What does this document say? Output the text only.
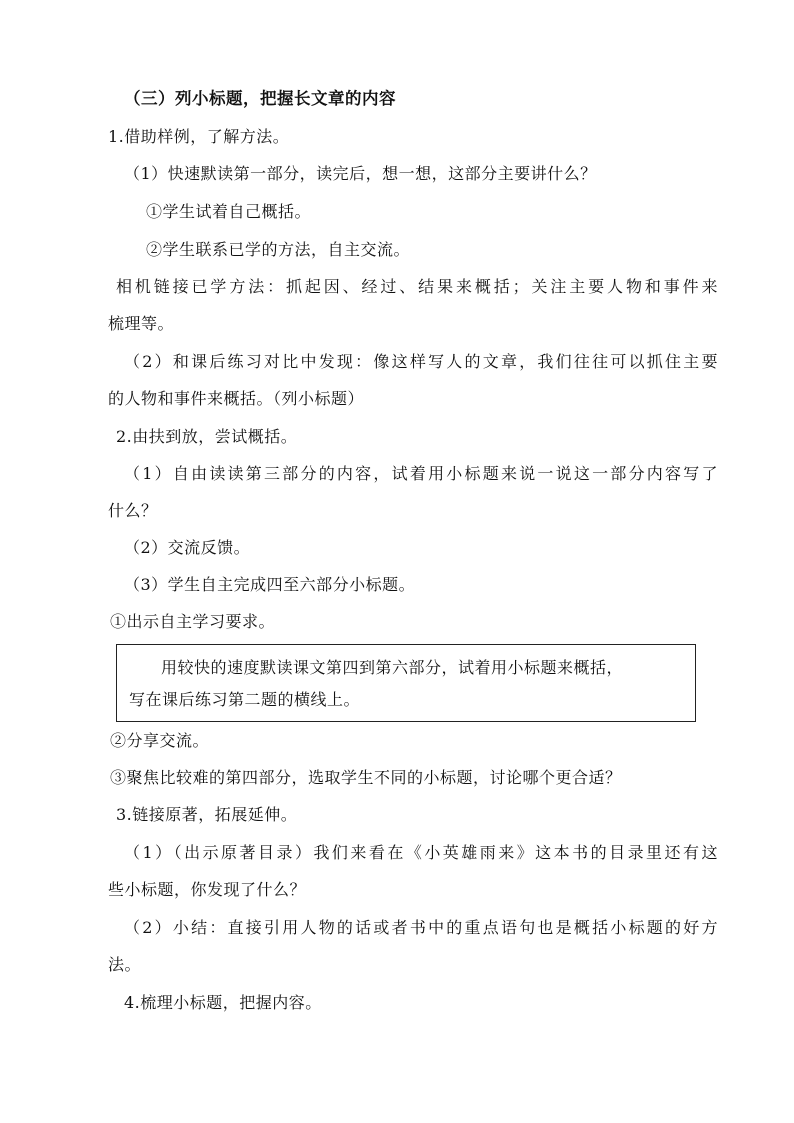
（三）列小标题，把握长文章的内容
1.借助样例，了解方法。
（1）快速默读第一部分，读完后，想一想，这部分主要讲什么？
①学生试着自己概括。
②学生联系已学的方法，自主交流。
相机链接已学方法：抓起因、经过、结果来概括；关注主要人物和事件来
梳理等。
（2）和课后练习对比中发现：像这样写人的文章，我们往往可以抓住主要
的人物和事件来概括。（列小标题）
2.由扶到放，尝试概括。
（1）自由读读第三部分的内容，试着用小标题来说一说这一部分内容写了
什么？
（2）交流反馈。
（3）学生自主完成四至六部分小标题。
①出示自主学习要求。
用较快的速度默读课文第四到第六部分，试着用小标题来概括，
写在课后练习第二题的横线上。
②分享交流。
③聚焦比较难的第四部分，选取学生不同的小标题，讨论哪个更合适？
3.链接原著，拓展延伸。
（1）（出示原著目录）我们来看在《小英雄雨来》这本书的目录里还有这
些小标题，你发现了什么？
（2）小结：直接引用人物的话或者书中的重点语句也是概括小标题的好方
法。
4.梳理小标题，把握内容。
